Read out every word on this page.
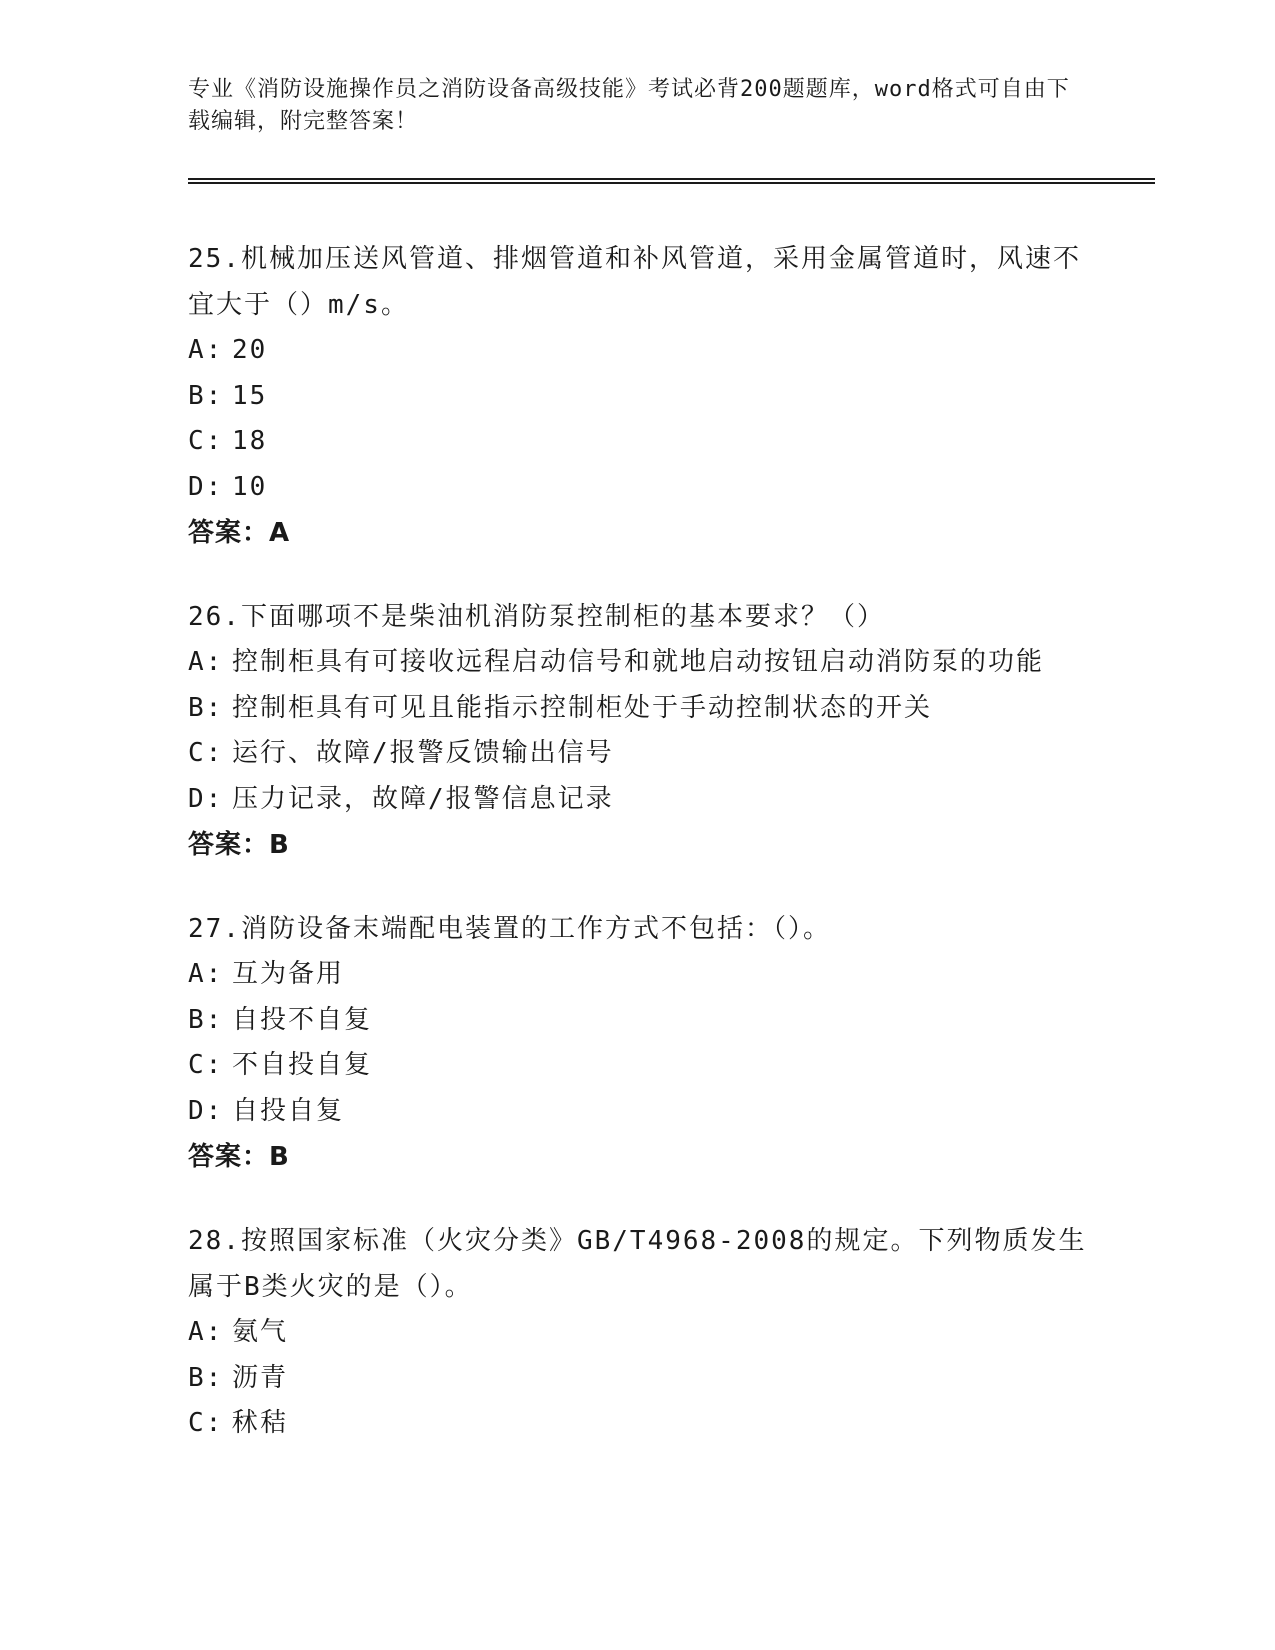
专业《消防设施操作员之消防设备高级技能》考试必背200题题库，word格式可自由下载编辑，附完整答案！
25.机械加压送风管道、排烟管道和补风管道，采用金属管道时，风速不宜大于（）m/s。
A: 20
B: 15
C: 18
D: 10
答案：A
26.下面哪项不是柴油机消防泵控制柜的基本要求？（）
A: 控制柜具有可接收远程启动信号和就地启动按钮启动消防泵的功能
B: 控制柜具有可见且能指示控制柜处于手动控制状态的开关
C: 运行、故障/报警反馈输出信号
D: 压力记录，故障/报警信息记录
答案：B
27.消防设备末端配电装置的工作方式不包括：（）。
A: 互为备用
B: 自投不自复
C: 不自投自复
D: 自投自复
答案：B
28.按照国家标准（火灾分类》GB/T4968-2008的规定。下列物质发生属于B类火灾的是（）。
A: 氨气
B: 沥青
C: 秫秸
